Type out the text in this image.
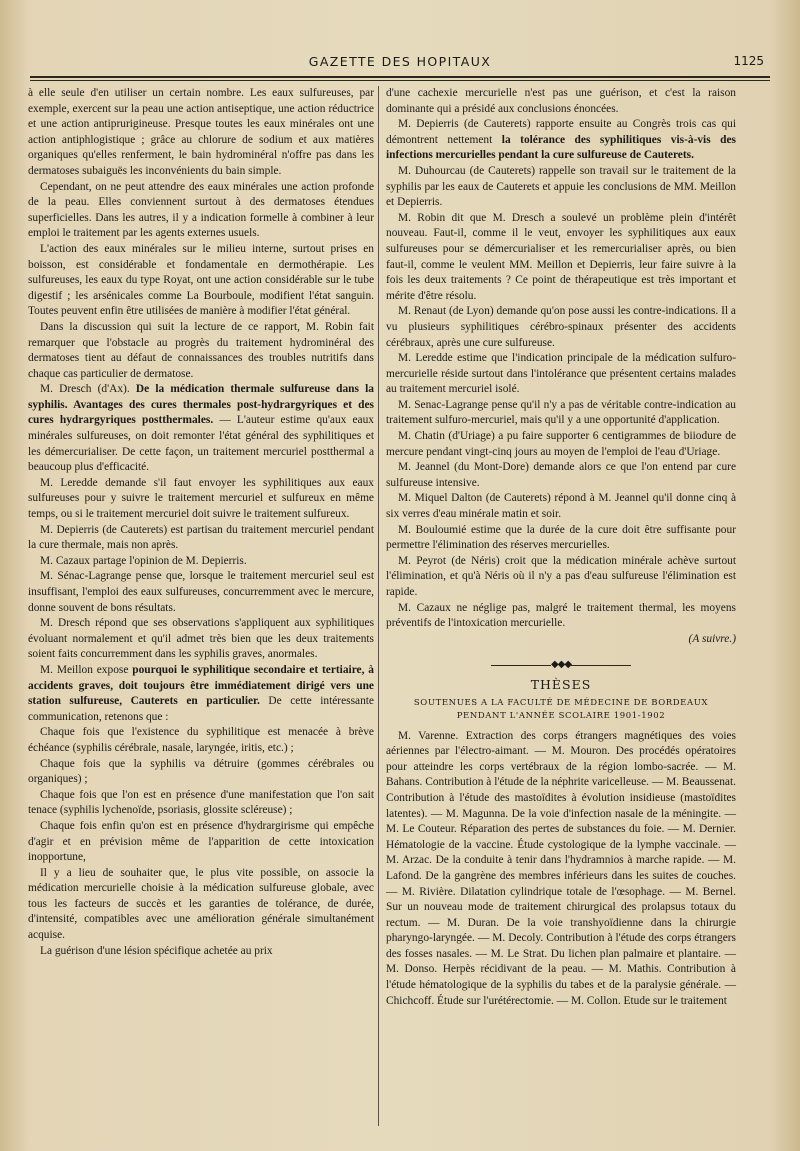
GAZETTE DES HOPITAUX	1125

à elle seule d'en utiliser un certain nombre. Les eaux sulfureuses, par exemple, exercent sur la peau une action antiseptique, une action réductrice et une action antiprurigineuse. Presque toutes les eaux minérales ont une action antiphlogistique ; grâce au chlorure de sodium et aux matières organiques qu'elles renferment, le bain hydrominéral n'offre pas dans les dermatoses subaiguës les inconvénients du bain simple.

Cependant, on ne peut attendre des eaux minérales une action profonde de la peau. Elles conviennent surtout à des dermatoses étendues superficielles. Dans les autres, il y a indication formelle à combiner à leur emploi le traitement par les agents externes usuels.

L'action des eaux minérales sur le milieu interne, surtout prises en boisson, est considérable et fondamentale en dermothérapie. Les sulfureuses, les eaux du type Royat, ont une action considérable sur le tube digestif ; les arsénicales comme La Bourboule, modifient l'état sanguin. Toutes peuvent enfin être utilisées de manière à modifier l'état général.

Dans la discussion qui suit la lecture de ce rapport, M. Robin fait remarquer que l'obstacle au progrès du traitement hydrominéral des dermatoses tient au défaut de connaissances des troubles nutritifs dans chaque cas particulier de dermatose.

M. Dresch (d'Ax). De la médication thermale sulfureuse dans la syphilis. Avantages des cures thermales post-hydrargyriques et des cures hydrargyriques postthermales. — L'auteur estime qu'aux eaux minérales sulfureuses, on doit remonter l'état général des syphilitiques et les démercurialiser. De cette façon, un traitement mercuriel postthermal a beaucoup plus d'efficacité.

M. Leredde demande s'il faut envoyer les syphilitiques aux eaux sulfureuses pour y suivre le traitement mercuriel et sulfureux en même temps, ou si le traitement mercuriel doit suivre le traitement sulfureux.

M. Depierris (de Cauterets) est partisan du traitement mercuriel pendant la cure thermale, mais non après.

M. Cazaux partage l'opinion de M. Depierris.

M. Sénac-Lagrange pense que, lorsque le traitement mercuriel seul est insuffisant, l'emploi des eaux sulfureuses, concurremment avec le mercure, donne souvent de bons résultats.

M. Dresch répond que ses observations s'appliquent aux syphilitiques évoluant normalement et qu'il admet très bien que les deux traitements soient faits concurremment dans les syphilis graves, anormales.

M. Meillon expose pourquoi le syphilitique secondaire et tertiaire, à accidents graves, doit toujours être immédiatement dirigé vers une station sulfureuse, Cauterets en particulier. De cette intéressante communication, retenons que :

Chaque fois que l'existence du syphilitique est menacée à brève échéance (syphilis cérébrale, nasale, laryngée, iritis, etc.) ;

Chaque fois que la syphilis va détruire (gommes cérébrales ou organiques) ;

Chaque fois que l'on est en présence d'une manifestation que l'on sait tenace (syphilis lychenoïde, psoriasis, glossite scléreuse) ;

Chaque fois enfin qu'on est en présence d'hydrargirisme qui empêche d'agir et en prévision même de l'apparition de cette intoxication inopportune,

Il y a lieu de souhaiter que, le plus vite possible, on associe la médication mercurielle choisie à la médication sulfureuse globale, avec tous les facteurs de succès et les garanties de tolérance, de durée, d'intensité, compatibles avec une amélioration générale simultanément acquise.

La guérison d'une lésion spécifique achetée au prix

d'une cachexie mercurielle n'est pas une guérison, et c'est la raison dominante qui a présidé aux conclusions énoncées.

M. Depierris (de Cauterets) rapporte ensuite au Congrès trois cas qui démontrent nettement la tolérance des syphilitiques vis-à-vis des infections mercurielles pendant la cure sulfureuse de Cauterets.

M. Duhourcau (de Cauterets) rappelle son travail sur le traitement de la syphilis par les eaux de Cauterets et appuie les conclusions de MM. Meillon et Depierris.

M. Robin dit que M. Dresch a soulevé un problème plein d'intérêt nouveau. Faut-il, comme il le veut, envoyer les syphilitiques aux eaux sulfureuses pour se démercurialiser et les remercurialiser après, ou bien faut-il, comme le veulent MM. Meillon et Depierris, leur faire suivre à la fois les deux traitements ? Ce point de thérapeutique est très important et mérite d'être résolu.

M. Renaut (de Lyon) demande qu'on pose aussi les contre-indications. Il a vu plusieurs syphilitiques cérébro-spinaux présenter des accidents cérébraux, après une cure sulfureuse.

M. Leredde estime que l'indication principale de la médication sulfuro-mercurielle réside surtout dans l'intolérance que présentent certains malades au traitement mercuriel isolé.

M. Senac-Lagrange pense qu'il n'y a pas de véritable contre-indication au traitement sulfuro-mercuriel, mais qu'il y a une opportunité d'application.

M. Chatin (d'Uriage) a pu faire supporter 6 centigrammes de biiodure de mercure pendant vingt-cinq jours au moyen de l'emploi de l'eau d'Uriage.

M. Jeannel (du Mont-Dore) demande alors ce que l'on entend par cure sulfureuse intensive.

M. Miquel Dalton (de Cauterets) répond à M. Jeannel qu'il donne cinq à six verres d'eau minérale matin et soir.

M. Bouloumié estime que la durée de la cure doit être suffisante pour permettre l'élimination des réserves mercurielles.

M. Peyrot (de Néris) croit que la médication minérale achève surtout l'élimination, et qu'à Néris où il n'y a pas d'eau sulfureuse l'élimination est rapide.

M. Cazaux ne néglige pas, malgré le traitement thermal, les moyens préventifs de l'intoxication mercurielle.

(A suivre.)

◆◆◆
THÈSES
SOUTENUES A LA FACULTÉ DE MÉDECINE DE BORDEAUX
PENDANT L'ANNÉE SCOLAIRE 1901-1902

M. Varenne. Extraction des corps étrangers magnétiques des voies aériennes par l'électro-aimant. — M. Mouron. Des procédés opératoires pour atteindre les corps vertébraux de la région lombo-sacrée. — M. Bahans. Contribution à l'étude de la néphrite varicelleuse. — M. Beaussenat. Contribution à l'étude des mastoïdites à évolution insidieuse (mastoïdites latentes). — M. Magunna. De la voie d'infection nasale de la méningite. — M. Le Couteur. Réparation des pertes de substances du foie. — M. Dernier. Hématologie de la vaccine. Étude cystologique de la lymphe vaccinale. — M. Arzac. De la conduite à tenir dans l'hydramnios à marche rapide. — M. Lafond. De la gangrène des membres inférieurs dans les suites de couches. — M. Rivière. Dilatation cylindrique totale de l'œsophage. — M. Bernel. Sur un nouveau mode de traitement chirurgical des prolapsus totaux du rectum. — M. Duran. De la voie transhyoïdienne dans la chirurgie pharyngo-laryngée. — M. Decoly. Contribution à l'étude des corps étrangers des fosses nasales. — M. Le Strat. Du lichen plan palmaire et plantaire. — M. Donso. Herpès récidivant de la peau. — M. Mathis. Contribution à l'étude hématologique de la syphilis du tabes et de la paralysie générale. — Chichcoff. Étude sur l'urétérectomie. — M. Collon. Etude sur le traitement
